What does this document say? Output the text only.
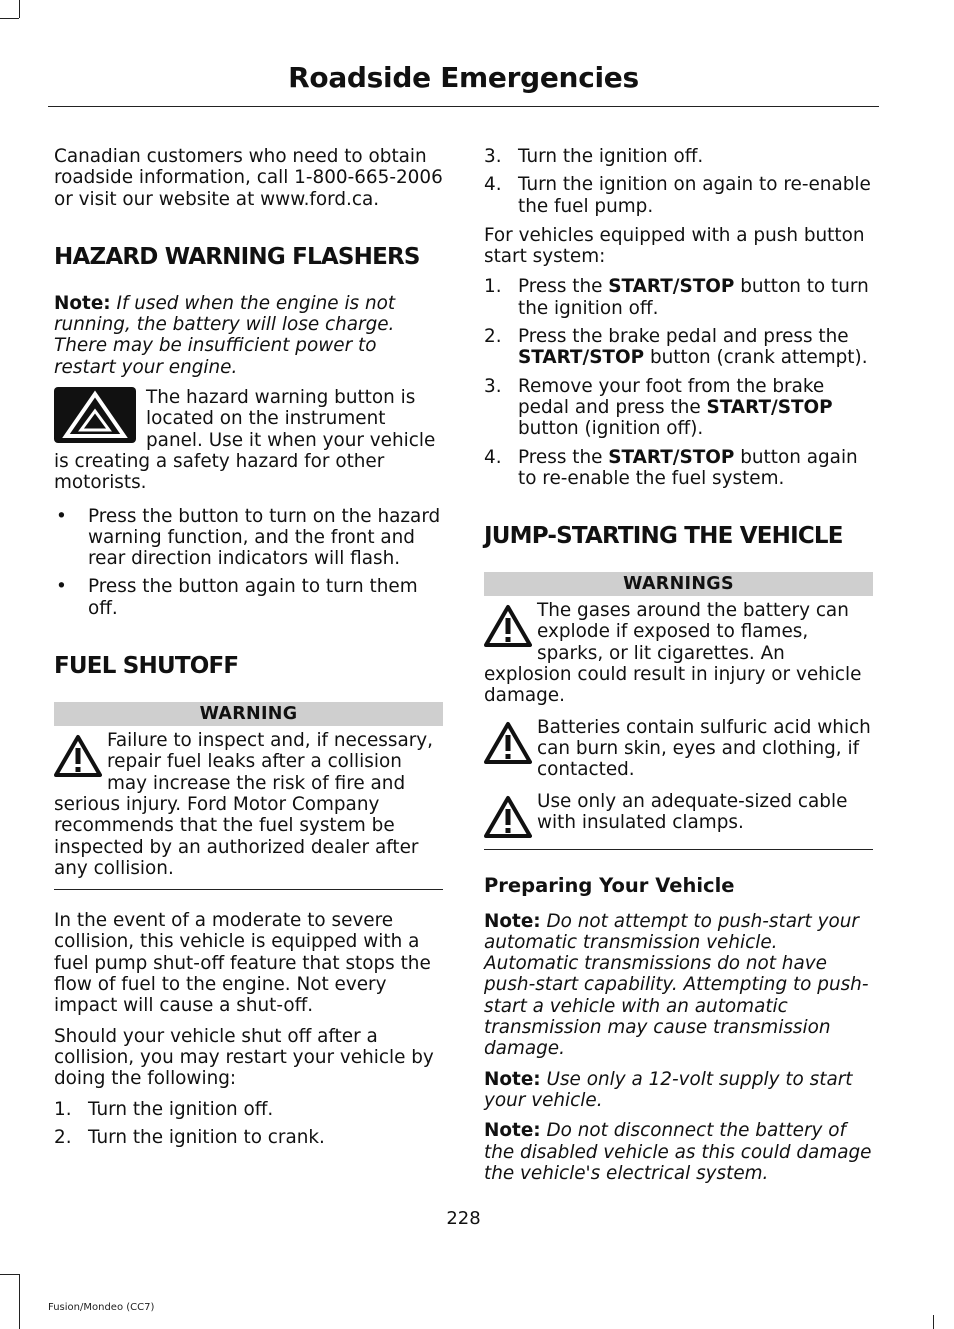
Roadside Emergencies

Canadian customers who need to obtain roadside information, call 1-800-665-2006 or visit our website at www.ford.ca.

HAZARD WARNING FLASHERS

Note: If used when the engine is not running, the battery will lose charge. There may be insufficient power to restart your engine.

The hazard warning button is located on the instrument panel. Use it when your vehicle is creating a safety hazard for other motorists.
• Press the button to turn on the hazard warning function, and the front and rear direction indicators will flash.
• Press the button again to turn them off.
FUEL SHUTOFF
WARNING
Failure to inspect and, if necessary, repair fuel leaks after a collision may increase the risk of fire and serious injury. Ford Motor Company recommends that the fuel system be inspected by an authorized dealer after any collision.

In the event of a moderate to severe collision, this vehicle is equipped with a fuel pump shut-off feature that stops the flow of fuel to the engine. Not every impact will cause a shut-off.

Should your vehicle shut off after a collision, you may restart your vehicle by doing the following:

1. Turn the ignition off.
2. Turn the ignition to crank.
3. Turn the ignition off.
4. Turn the ignition on again to re-enable the fuel pump.

For vehicles equipped with a push button start system:

1. Press the START/STOP button to turn the ignition off.
2. Press the brake pedal and press the START/STOP button (crank attempt).
3. Remove your foot from the brake pedal and press the START/STOP button (ignition off).
4. Press the START/STOP button again to re-enable the fuel system.
JUMP-STARTING THE VEHICLE
WARNINGS
The gases around the battery can explode if exposed to flames, sparks, or lit cigarettes. An explosion could result in injury or vehicle damage.
Batteries contain sulfuric acid which can burn skin, eyes and clothing, if contacted.
Use only an adequate-sized cable with insulated clamps.
Preparing Your Vehicle

Note: Do not attempt to push-start your automatic transmission vehicle. Automatic transmissions do not have push-start capability. Attempting to push-start a vehicle with an automatic transmission may cause transmission damage.

Note: Use only a 12-volt supply to start your vehicle.

Note: Do not disconnect the battery of the disabled vehicle as this could damage the vehicle's electrical system.

228
Fusion/Mondeo (CC7)
